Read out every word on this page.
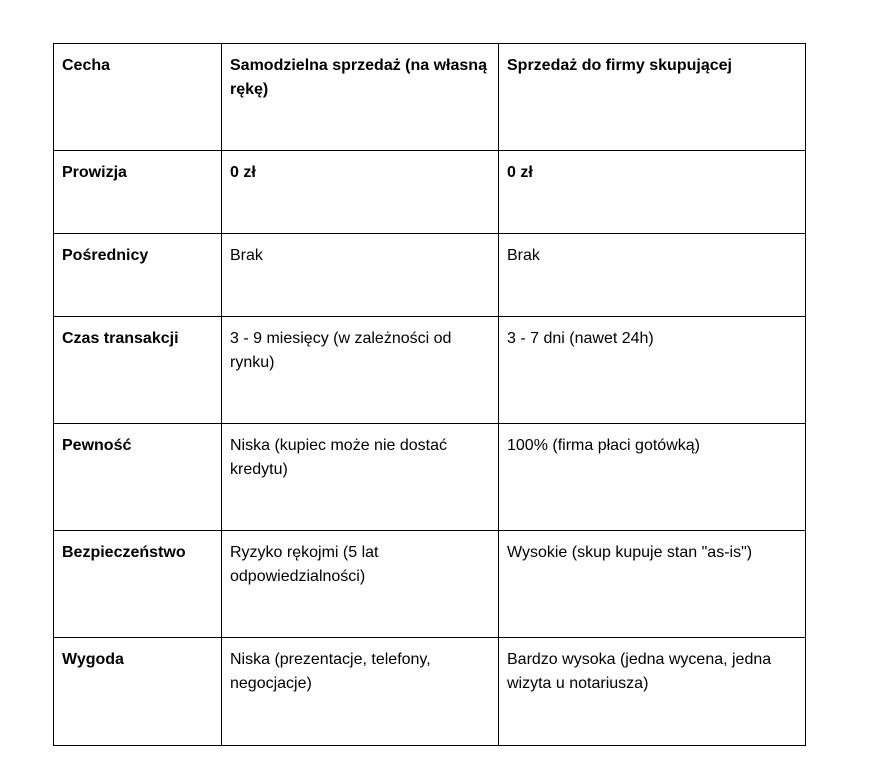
Cecha	Samodzielna sprzedaż (na własną rękę)	Sprzedaż do firmy skupującej
Prowizja	0 zł	0 zł
Pośrednicy	Brak	Brak
Czas transakcji	3 - 9 miesięcy (w zależności od rynku)	3 - 7 dni (nawet 24h)
Pewność	Niska (kupiec może nie dostać kredytu)	100% (firma płaci gotówką)
Bezpieczeństwo	Ryzyko rękojmi (5 lat odpowiedzialności)	Wysokie (skup kupuje stan "as-is")
Wygoda	Niska (prezentacje, telefony, negocjacje)	Bardzo wysoka (jedna wycena, jedna wizyta u notariusza)
